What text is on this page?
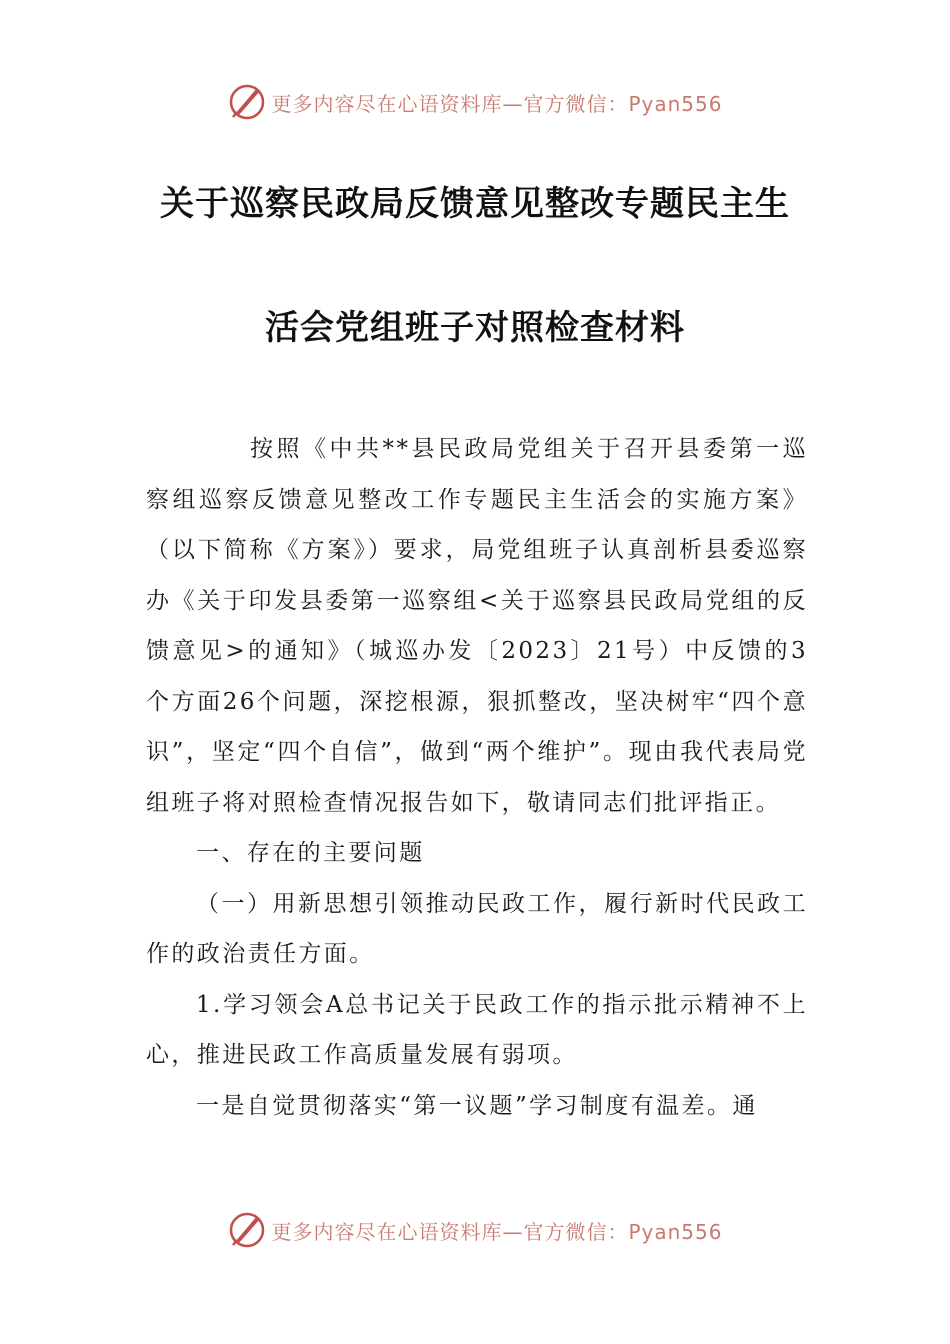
更多内容尽在心语资料库—官方微信：Pyan556
关于巡察民政局反馈意见整改专题民主生
活会党组班子对照检查材料

按照《中共**县民政局党组关于召开县委第一巡察组巡察反馈意见整改工作专题民主生活会的实施方案》（以下简称《方案》）要求，局党组班子认真剖析县委巡察办《关于印发县委第一巡察组<关于巡察县民政局党组的反馈意见>的通知》（城巡办发〔2023〕21号）中反馈的3个方面26个问题，深挖根源，狠抓整改，坚决树牢“四个意识”，坚定“四个自信”，做到“两个维护”。现由我代表局党组班子将对照检查情况报告如下，敬请同志们批评指正。

一、存在的主要问题

（一）用新思想引领推动民政工作，履行新时代民政工作的政治责任方面。

1.学习领会A总书记关于民政工作的指示批示精神不上心，推进民政工作高质量发展有弱项。

一是自觉贯彻落实“第一议题”学习制度有温差。通

更多内容尽在心语资料库—官方微信：Pyan556
